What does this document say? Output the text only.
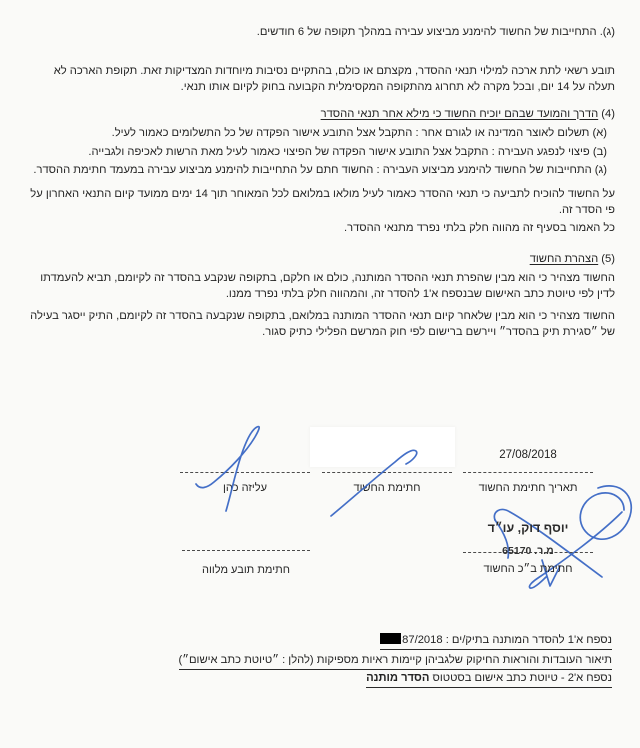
(ג). התחייבות של החשוד להימנע מביצוע עבירה במהלך תקופה של 6 חודשים.

תובע רשאי לתת ארכה למילוי תנאי ההסדר, מקצתם או כולם, בהתקיים נסיבות מיוחדות המצדיקות זאת. תקופת הארכה לא תעלה על 14 יום, ובכל מקרה לא תחרוג מהתקופה המקסימלית הקבועה בחוק לקיום אותו תנאי.

(4) הדרך והמועד שבהם יוכיח החשוד כי מילא אחר תנאי ההסדר

(א) תשלום לאוצר המדינה או לגורם אחר : התקבל אצל התובע אישור הפקדה של כל התשלומים כאמור לעיל.

(ב) פיצוי לנפגע העבירה : התקבל אצל התובע אישור הפקדה של הפיצוי כאמור לעיל מאת הרשות לאכיפה ולגבייה.

(ג) התחייבות של החשוד להימנע מביצוע העבירה : החשוד חתם על התחייבות להימנע מביצוע עבירה במעמד חתימת ההסדר.

על החשוד להוכיח לתביעה כי תנאי ההסדר כאמור לעיל מולאו במלואם לכל המאוחר תוך 14 ימים ממועד קיום התנאי האחרון על פי הסדר זה.

כל האמור בסעיף זה מהווה חלק בלתי נפרד מתנאי ההסדר.

(5) הצהרת החשוד

החשוד מצהיר כי הוא מבין שהפרת תנאי ההסדר המותנה, כולם או חלקם, בתקופה שנקבע בהסדר זה לקיומם, תביא להעמדתו לדין לפי טיוטת כתב האישום שבנספח א'1 להסדר זה, והמהווה חלק בלתי נפרד ממנו.

החשוד מצהיר כי הוא מבין שלאחר קיום תנאי ההסדר המותנה במלואם, בתקופה שנקבעה בהסדר זה לקיומם, התיק ייסגר בעילה של ״סגירת תיק בהסדר״ ויירשם ברישום לפי חוק המרשם הפלילי כתיק סגור.

27/08/2018
תאריך חתימת החשוד
חתימת החשוד
עליזה כהן
יוסף דוק, עו״ד
מ.ר. 65170
חתימת ב״כ החשוד
חתימת תובע מלווה
נספח א'1 להסדר המותנה בתיק/ים : 87/2018
תיאור העובדות והוראות החיקוק שלגביהן קיימות ראיות מספיקות (להלן : ״טיוטת כתב אישום״)
נספח א'2 - טיוטת כתב אישום בסטטוס הסדר מותנה
